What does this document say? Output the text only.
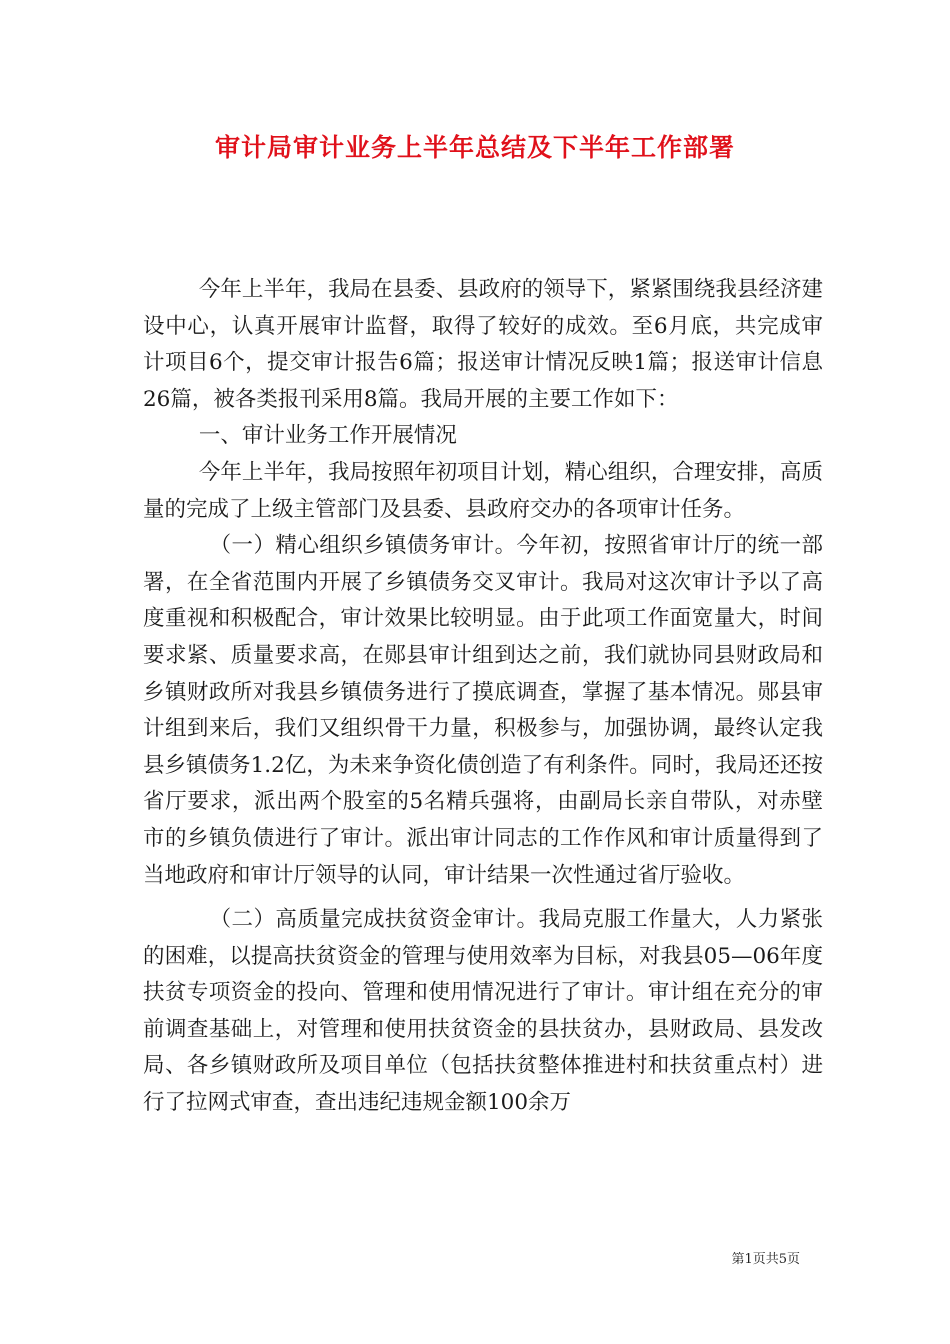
审计局审计业务上半年总结及下半年工作部署

今年上半年，我局在县委、县政府的领导下，紧紧围绕我县经济建设中心，认真开展审计监督，取得了较好的成效。至6月底，共完成审计项目6个，提交审计报告6篇；报送审计情况反映1篇；报送审计信息26篇，被各类报刊采用8篇。我局开展的主要工作如下：

一、审计业务工作开展情况

今年上半年，我局按照年初项目计划，精心组织，合理安排，高质量的完成了上级主管部门及县委、县政府交办的各项审计任务。

（一）精心组织乡镇债务审计。今年初，按照省审计厅的统一部署，在全省范围内开展了乡镇债务交叉审计。我局对这次审计予以了高度重视和积极配合，审计效果比较明显。由于此项工作面宽量大，时间要求紧、质量要求高，在郧县审计组到达之前，我们就协同县财政局和乡镇财政所对我县乡镇债务进行了摸底调查，掌握了基本情况。郧县审计组到来后，我们又组织骨干力量，积极参与，加强协调，最终认定我县乡镇债务1.2亿，为未来争资化债创造了有利条件。同时，我局还还按省厅要求，派出两个股室的5名精兵强将，由副局长亲自带队，对赤壁市的乡镇负债进行了审计。派出审计同志的工作作风和审计质量得到了当地政府和审计厅领导的认同，审计结果一次性通过省厅验收。

（二）高质量完成扶贫资金审计。我局克服工作量大，人力紧张的困难，以提高扶贫资金的管理与使用效率为目标，对我县05—06年度扶贫专项资金的投向、管理和使用情况进行了审计。审计组在充分的审前调查基础上，对管理和使用扶贫资金的县扶贫办，县财政局、县发改局、各乡镇财政所及项目单位（包括扶贫整体推进村和扶贫重点村）进行了拉网式审查，查出违纪违规金额100余万

第1页共5页
